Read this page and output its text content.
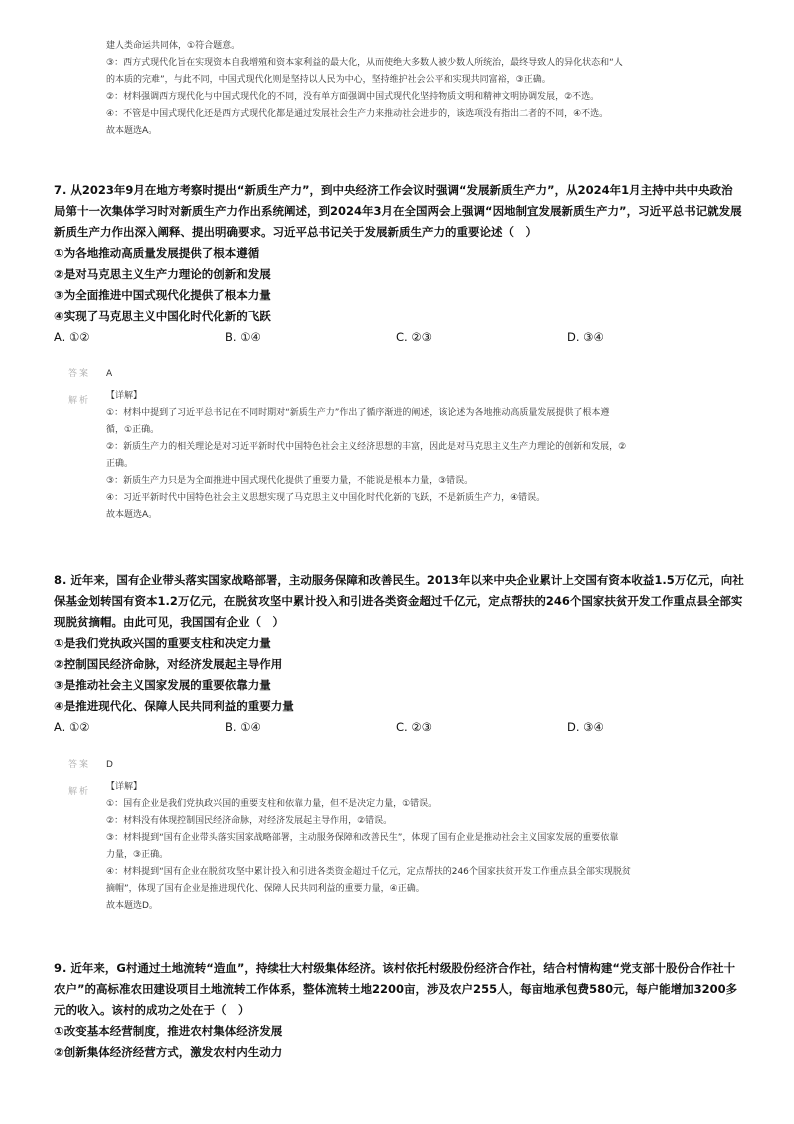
建人类命运共同体，①符合题意。

③：西方式现代化旨在实现资本自我增殖和资本家利益的最大化，从而使绝大多数人被少数人所统治，最终导致人的异化状态和“人

的本质的完难”，与此不同，中国式现代化则是坚持以人民为中心，坚持维护社会公平和实现共同富裕，③正确。

②：材料强调西方现代化与中国式现代化的不同，没有单方面强调中国式现代化坚持物质文明和精神文明协调发展，②不选。

④：不管是中国式现代化还是西方式现代化都是通过发展社会生产力来推动社会进步的，该选项没有指出二者的不同，④不选。

故本题选A。

7. 从2023年9月在地方考察时提出“新质生产力”，到中央经济工作会议时强调“发展新质生产力”，从2024年1月主持中共中央政治局第十一次集体学习时对新质生产力作出系统阐述，到2024年3月在全国两会上强调“因地制宜发展新质生产力”，习近平总书记就发展新质生产力作出深入阐释、提出明确要求。习近平总书记关于发展新质生产力的重要论述（　）

①为各地推动高质量发展提供了根本遵循

②是对马克思主义生产力理论的创新和发展

③为全面推进中国式现代化提供了根本力量

④实现了马克思主义中国化时代化新的飞跃

A. ①②	B. ①④	C. ②③	D. ③④
答案 A
解析 【详解】

①：材料中提到了习近平总书记在不同时期对“新质生产力”作出了循序渐进的阐述，该论述为各地推动高质量发展提供了根本遵

循，①正确。

②：新质生产力的相关理论是对习近平新时代中国特色社会主义经济思想的丰富，因此是对马克思主义生产力理论的创新和发展，②

正确。

③：新质生产力只是为全面推进中国式现代化提供了重要力量，不能说是根本力量，③错误。

④：习近平新时代中国特色社会主义思想实现了马克思主义中国化时代化新的飞跃，不是新质生产力，④错误。

故本题选A。

8. 近年来，国有企业带头落实国家战略部署，主动服务保障和改善民生。2013年以来中央企业累计上交国有资本收益1.5万亿元，向社保基金划转国有资本1.2万亿元，在脱贫攻坚中累计投入和引进各类资金超过千亿元，定点帮扶的246个国家扶贫开发工作重点县全部实现脱贫摘帽。由此可见，我国国有企业（　）

①是我们党执政兴国的重要支柱和决定力量

②控制国民经济命脉，对经济发展起主导作用

③是推动社会主义国家发展的重要依靠力量

④是推进现代化、保障人民共同利益的重要力量

A. ①②	B. ①④	C. ②③	D. ③④
答案 D
解析 【详解】

①：国有企业是我们党执政兴国的重要支柱和依靠力量，但不是决定力量，①错误。

②：材料没有体现控制国民经济命脉，对经济发展起主导作用，②错误。

③：材料提到“国有企业带头落实国家战略部署，主动服务保障和改善民生”，体现了国有企业是推动社会主义国家发展的重要依靠

力量，③正确。

④：材料提到“国有企业在脱贫攻坚中累计投入和引进各类资金超过千亿元，定点帮扶的246个国家扶贫开发工作重点县全部实现脱贫

摘帽”，体现了国有企业是推进现代化、保障人民共同利益的重要力量，④正确。

故本题选D。

9. 近年来，G村通过土地流转“造血”，持续壮大村级集体经济。该村依托村级股份经济合作社，结合村情构建“党支部十股份合作社十农户”的高标准农田建设项目土地流转工作体系，整体流转土地2200亩，涉及农户255人，每亩地承包费580元，每户能增加3200多元的收入。该村的成功之处在于（　）

①改变基本经营制度，推进农村集体经济发展

②创新集体经济经营方式，激发农村内生动力
